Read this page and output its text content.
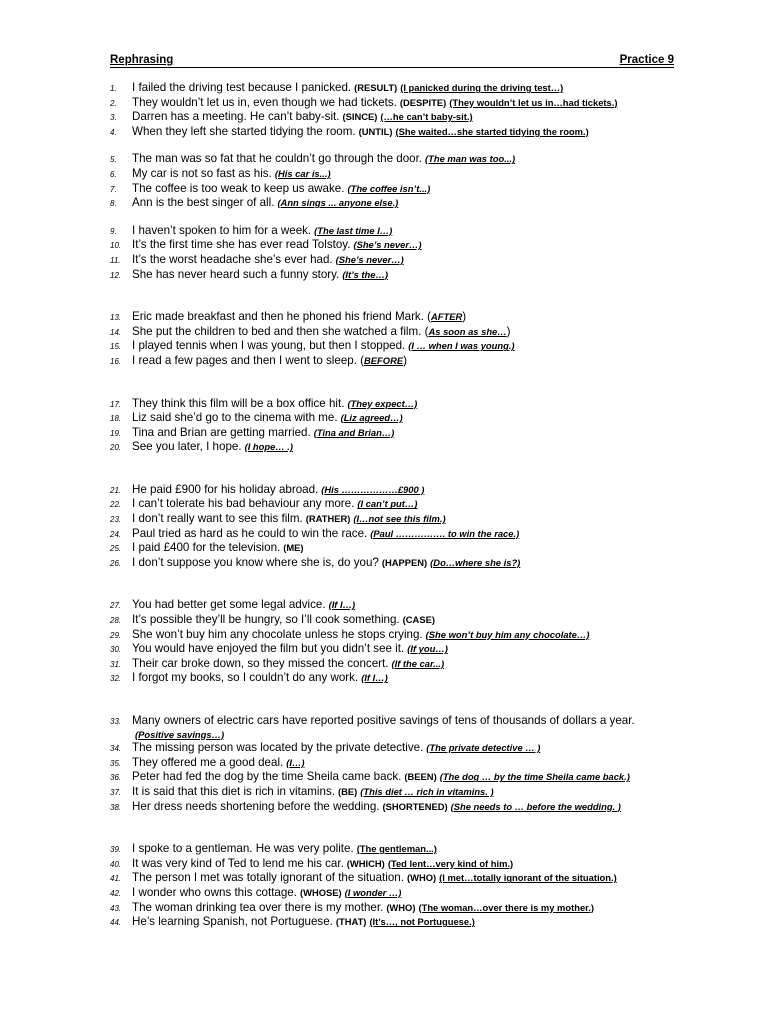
Rephrasing	Practice 9
1.	I failed the driving test because I panicked. (RESULT) (I panicked during the driving test…)
2.	They wouldn’t let us in, even though we had tickets. (DESPITE) (They wouldn’t let us in…had tickets.)
3.	Darren has a meeting. He can’t baby-sit. (SINCE) (…he can’t baby-sit.)
4.	When they left she started tidying the room. (UNTIL) (She waited…she started tidying the room.)
5.	The man was so fat that he couldn’t go through the door. (The man was too...)
6.	My car is not so fast as his. (His car is...)
7.	The coffee is too weak to keep us awake. (The coffee isn’t...)
8.	Ann is the best singer of all. (Ann sings ... anyone else.)
9.	I haven’t spoken to him for a week. (The last time I…)
10. It’s the first time she has ever read Tolstoy. (She’s never…)
11. It’s the worst headache she’s ever had. (She’s never…)
12. She has never heard such a funny story. (It’s the…)
13. Eric made breakfast and then he phoned his friend Mark. (AFTER)
14. She put the children to bed and then she watched a film. (As soon as she…)
15. I played tennis when I was young, but then I stopped. (I … when I was young.)
16. I read a few pages and then I went to sleep. (BEFORE)
17. They think this film will be a box office hit. (They expect…)
18. Liz said she’d go to the cinema with me. (Liz agreed…)
19. Tina and Brian are getting married. (Tina and Brian…)
20. See you later, I hope. (I hope… .)
21. He paid £900 for his holiday abroad. (His ………………£900 )
22. I can’t tolerate his bad behaviour any more. (I can’t put…)
23. I don’t really want to see this film. (RATHER) (I…not see this film.)
24. Paul tried as hard as he could to win the race. (Paul ……………. to win the race.)
25. I paid £400 for the television. (ME)
26. I don’t suppose you know where she is, do you? (HAPPEN) (Do…where she is?)
27. You had better get some legal advice. (If I…)
28. It’s possible they’ll be hungry, so I’ll cook something. (CASE)
29. She won’t buy him any chocolate unless he stops crying. (She won’t buy him any chocolate…)
30. You would have enjoyed the film but you didn’t see it. (If you…)
31. Their car broke down, so they missed the concert. (If the car...)
32. I forgot my books, so I couldn’t do any work. (If I…)
33. Many owners of electric cars have reported positive savings of tens of thousands of dollars a year.(Positive savings…)
34. The missing person was located by the private detective. (The private detective … )
35. They offered me a good deal. (I…)
36. Peter had fed the dog by the time Sheila came back. (BEEN) (The dog … by the time Sheila came back.)
37. It is said that this diet is rich in vitamins. (BE) (This diet … rich in vitamins. )
38. Her dress needs shortening before the wedding. (SHORTENED) (She needs to … before the wedding. )
39. I spoke to a gentleman. He was very polite. (The gentleman...)
40. It was very kind of Ted to lend me his car. (WHICH) (Ted lent…very kind of him.)
41. The person I met was totally ignorant of the situation. (WHO) (I met…totally ignorant of the situation.)
42. I wonder who owns this cottage. (WHOSE) (I wonder …)
43. The woman drinking tea over there is my mother. (WHO) (The woman…over there is my mother.)
44. He’s learning Spanish, not Portuguese. (THAT) (It’s…, not Portuguese.)
